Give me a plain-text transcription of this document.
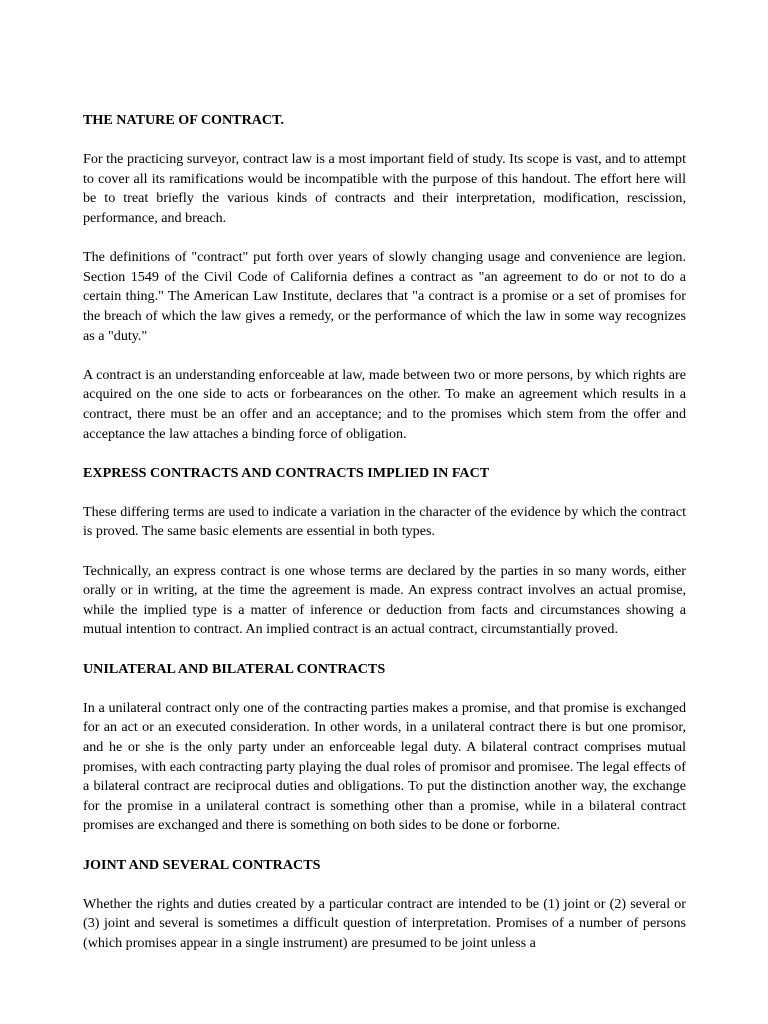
THE NATURE OF CONTRACT.

For the practicing surveyor, contract law is a most important field of study. Its scope is vast, and to attempt to cover all its ramifications would be incompatible with the purpose of this handout. The effort here will be to treat briefly the various kinds of contracts and their interpretation, modification, rescission, performance, and breach.

The definitions of "contract" put forth over years of slowly changing usage and convenience are legion. Section 1549 of the Civil Code of California defines a contract as "an agreement to do or not to do a certain thing." The American Law Institute, declares that "a contract is a promise or a set of promises for the breach of which the law gives a remedy, or the performance of which the law in some way recognizes as a "duty."

A contract is an understanding enforceable at law, made between two or more persons, by which rights are acquired on the one side to acts or forbearances on the other. To make an agreement which results in a contract, there must be an offer and an acceptance; and to the promises which stem from the offer and acceptance the law attaches a binding force of obligation.

EXPRESS CONTRACTS AND CONTRACTS IMPLIED IN FACT

These differing terms are used to indicate a variation in the character of the evidence by which the contract is proved. The same basic elements are essential in both types.

Technically, an express contract is one whose terms are declared by the parties in so many words, either orally or in writing, at the time the agreement is made. An express contract involves an actual promise, while the implied type is a matter of inference or deduction from facts and circumstances showing a mutual intention to contract. An implied contract is an actual contract, circumstantially proved.

UNILATERAL AND BILATERAL CONTRACTS

In a unilateral contract only one of the contracting parties makes a promise, and that promise is exchanged for an act or an executed consideration. In other words, in a unilateral contract there is but one promisor, and he or she is the only party under an enforceable legal duty. A bilateral contract comprises mutual promises, with each contracting party playing the dual roles of promisor and promisee. The legal effects of a bilateral contract are reciprocal duties and obligations. To put the distinction another way, the exchange for the promise in a unilateral contract is something other than a promise, while in a bilateral contract promises are exchanged and there is something on both sides to be done or forborne.

JOINT AND SEVERAL CONTRACTS

Whether the rights and duties created by a particular contract are intended to be (1) joint or (2) several or (3) joint and several is sometimes a difficult question of interpretation. Promises of a number of persons (which promises appear in a single instrument) are presumed to be joint unless a
